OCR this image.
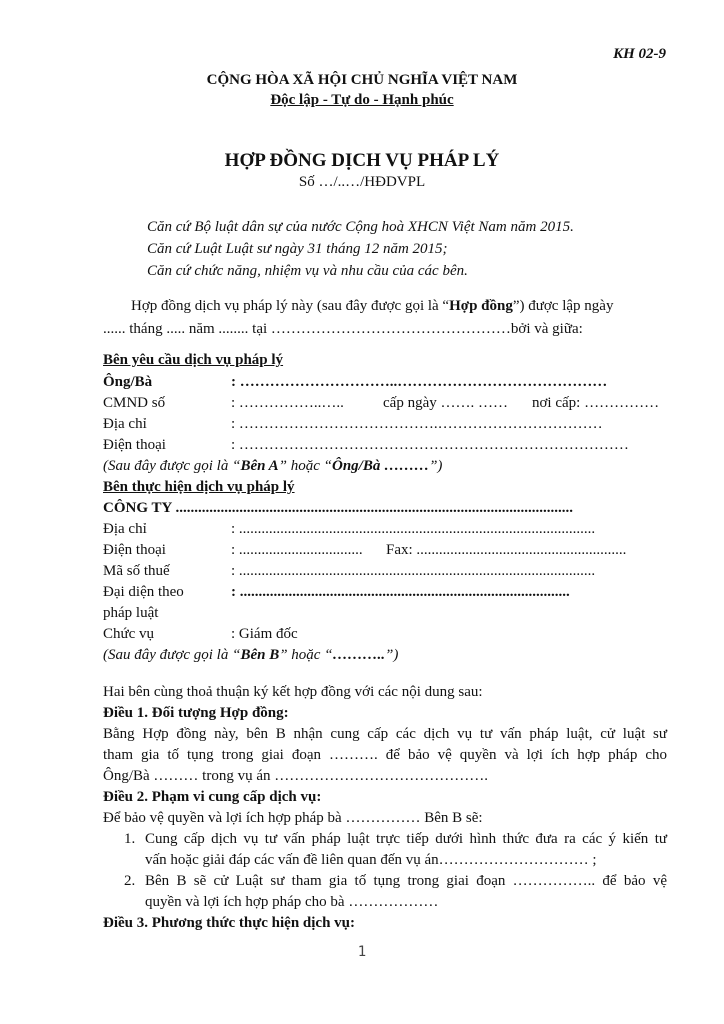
KH 02-9
CỘNG HÒA XÃ HỘI CHỦ NGHĨA VIỆT NAM
Độc lập - Tự do - Hạnh phúc
HỢP ĐỒNG DỊCH VỤ PHÁP LÝ
Số …/..…/HĐDVPL
Căn cứ Bộ luật dân sự của nước Cộng hoà XHCN Việt Nam năm 2015.
Căn cứ Luật Luật sư ngày 31 tháng 12 năm 2015;
Căn cứ chức năng, nhiệm vụ và nhu cầu của các bên.
Hợp đồng dịch vụ pháp lý này (sau đây được gọi là “Hợp đồng”) được lập ngày
...... tháng ..... năm ........ tại …………………………………………bởi và giữa:
Bên yêu cầu dịch vụ pháp lý
Ông/Bà	: …………………………..……………………………………
CMND số	: ……………..…..	cấp ngày ……. …… nơi cấp: ……………
Địa chỉ	: ………………………………….……………………………
Điện thoại	: ……………………………………………………………………
(Sau đây được gọi là “Bên A” hoặc “Ông/Bà ………”)
Bên thực hiện dịch vụ pháp lý
CÔNG TY ..........................................................................................................
Địa chỉ	: ...............................................................................................
Điện thoại	: ................................. Fax: ........................................................
Mã số thuế	: ...............................................................................................
Đại diện theo	: ........................................................................................
pháp luật
Chức vụ	: Giám đốc
(Sau đây được gọi là “Bên B” hoặc “………..”)
Hai bên cùng thoả thuận ký kết hợp đồng với các nội dung sau:
Điều 1. Đối tượng Hợp đồng:
Bằng Hợp đồng này, bên B nhận cung cấp các dịch vụ tư vấn pháp luật, cử luật sư
tham gia tố tụng trong giai đoạn ………. để bảo vệ quyền và lợi ích hợp pháp cho
Ông/Bà ……… trong vụ án …………………………………….
Điều 2. Phạm vi cung cấp dịch vụ:
Để bảo vệ quyền và lợi ích hợp pháp bà …………… Bên B sẽ:
1. Cung cấp dịch vụ tư vấn pháp luật trực tiếp dưới hình thức đưa ra các ý kiến tư
vấn hoặc giải đáp các vấn đề liên quan đến vụ án………………………… ;
2. Bên B sẽ cử Luật sư tham gia tố tụng trong giai đoạn …………….. để bảo vệ
quyền và lợi ích hợp pháp cho bà ………………
Điều 3. Phương thức thực hiện dịch vụ:
1
